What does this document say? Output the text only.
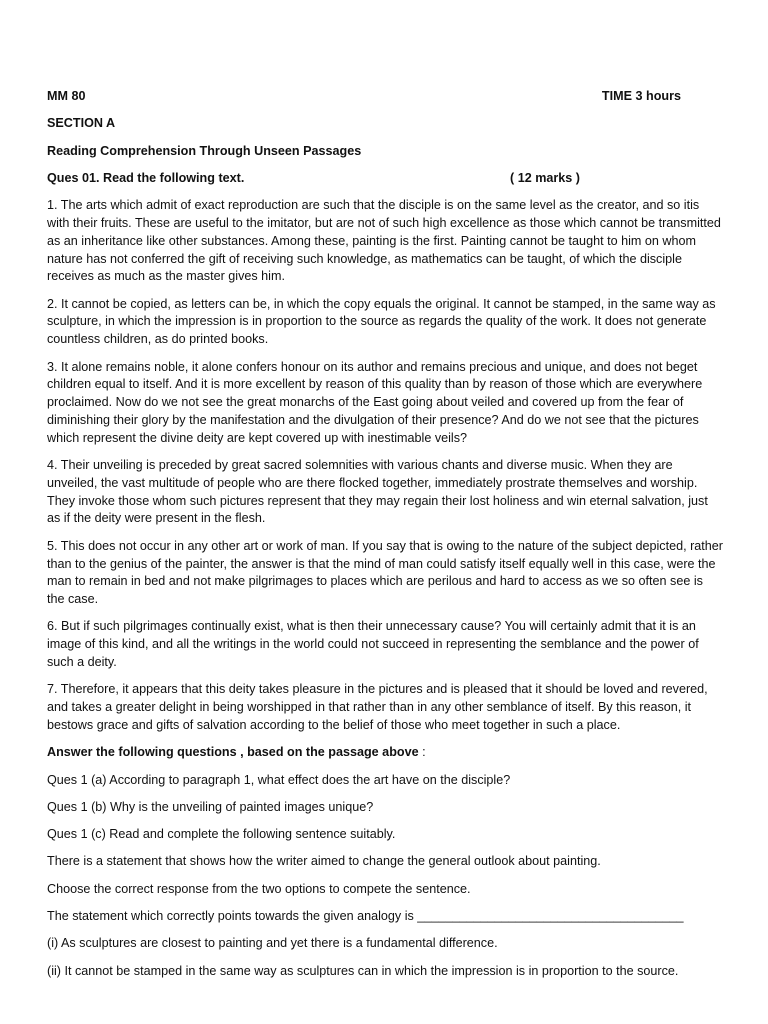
MM 80	TIME 3 hours
SECTION A
Reading Comprehension Through Unseen Passages
Ques 01. Read the following text.	( 12 marks )

1. The arts which admit of exact reproduction are such that the disciple is on the same level as the creator, and so itis with their fruits. These are useful to the imitator, but are not of such high excellence as those which cannot be transmitted as an inheritance like other substances. Among these, painting is the first. Painting cannot be taught to him on whom nature has not conferred the gift of receiving such knowledge, as mathematics can be taught, of which the disciple receives as much as the master gives him.

2. It cannot be copied, as letters can be, in which the copy equals the original. It cannot be stamped, in the same way as sculpture, in which the impression is in proportion to the source as regards the quality of the work. It does not generate countless children, as do printed books.

3. It alone remains noble, it alone confers honour on its author and remains precious and unique, and does not beget children equal to itself. And it is more excellent by reason of this quality than by reason of those which are everywhere proclaimed. Now do we not see the great monarchs of the East going about veiled and covered up from the fear of diminishing their glory by the manifestation and the divulgation of their presence? And do we not see that the pictures which represent the divine deity are kept covered up with inestimable veils?

4. Their unveiling is preceded by great sacred solemnities with various chants and diverse music. When they are unveiled, the vast multitude of people who are there flocked together, immediately prostrate themselves and worship. They invoke those whom such pictures represent that they may regain their lost holiness and win eternal salvation, just as if the deity were present in the flesh.

5. This does not occur in any other art or work of man. If you say that is owing to the nature of the subject depicted, rather than to the genius of the painter, the answer is that the mind of man could satisfy itself equally well in this case, were the man to remain in bed and not make pilgrimages to places which are perilous and hard to access as we so often see is the case.

6. But if such pilgrimages continually exist, what is then their unnecessary cause? You will certainly admit that it is an image of this kind, and all the writings in the world could not succeed in representing the semblance and the power of such a deity.

7. Therefore, it appears that this deity takes pleasure in the pictures and is pleased that it should be loved and revered, and takes a greater delight in being worshipped in that rather than in any other semblance of itself. By this reason, it bestows grace and gifts of salvation according to the belief of those who meet together in such a place.

Answer the following questions , based on the passage above :
Ques 1 (a) According to paragraph 1, what effect does the art have on the disciple?
Ques 1 (b) Why is the unveiling of painted images unique?
Ques 1 (c) Read and complete the following sentence suitably.
There is a statement that shows how the writer aimed to change the general outlook about painting.
Choose the correct response from the two options to compete the sentence.
The statement which correctly points towards the given analogy is ______________________________________
(i) As sculptures are closest to painting and yet there is a fundamental difference.
(ii) It cannot be stamped in the same way as sculptures can in which the impression is in proportion to the source.
